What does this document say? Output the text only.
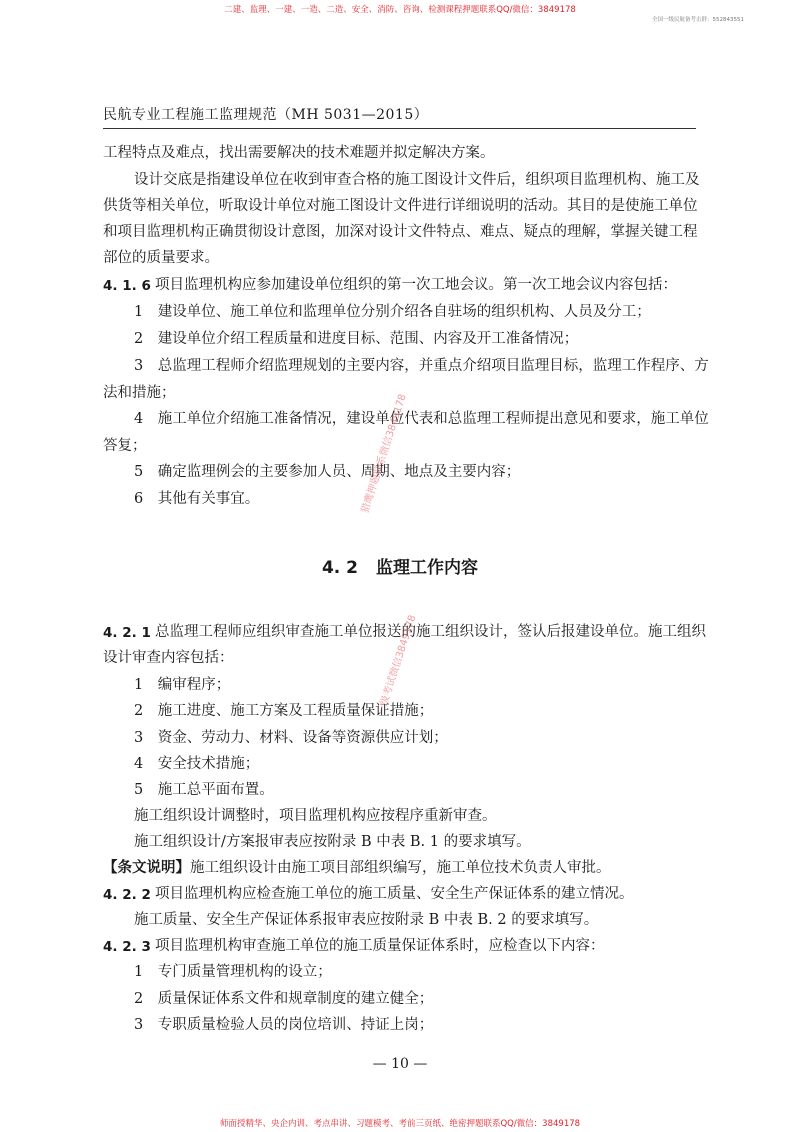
二建、监理、一建、一造、二造、安全、消防、咨询、检测课程押题联系QQ/微信：3849178
全国一级民航备考击群：552843551
民航专业工程施工监理规范（MH 5031—2015）
工程特点及难点，找出需要解决的技术难题并拟定解决方案。
设计交底是指建设单位在收到审查合格的施工图设计文件后，组织项目监理机构、施工及
供货等相关单位，听取设计单位对施工图设计文件进行详细说明的活动。其目的是使施工单位
和项目监理机构正确贯彻设计意图，加深对设计文件特点、难点、疑点的理解，掌握关键工程
部位的质量要求。
4. 1. 6 项目监理机构应参加建设单位组织的第一次工地会议。第一次工地会议内容包括：
1　建设单位、施工单位和监理单位分别介绍各自驻场的组织机构、人员及分工；
2　建设单位介绍工程质量和进度目标、范围、内容及开工准备情况；
3　总监理工程师介绍监理规划的主要内容，并重点介绍项目监理目标，监理工作程序、方
法和措施；
4　施工单位介绍施工准备情况，建设单位代表和总监理工程师提出意见和要求，施工单位
答复；
5　确定监理例会的主要参加人员、周期、地点及主要内容；
6　其他有关事宜。
4. 2 监理工作内容
4. 2. 1 总监理工程师应组织审查施工单位报送的施工组织设计，签认后报建设单位。施工组织
设计审查内容包括：
1　编审程序；
2　施工进度、施工方案及工程质量保证措施；
3　资金、劳动力、材料、设备等资源供应计划；
4　安全技术措施；
5　施工总平面布置。
施工组织设计调整时，项目监理机构应按程序重新审查。
施工组织设计/方案报审表应按附录 B 中表 B. 1 的要求填写。
【条文说明】施工组织设计由施工项目部组织编写，施工单位技术负责人审批。
4. 2. 2 项目监理机构应检查施工单位的施工质量、安全生产保证体系的建立情况。
施工质量、安全生产保证体系报审表应按附录 B 中表 B. 2 的要求填写。
4. 2. 3 项目监理机构审查施工单位的施工质量保证体系时，应检查以下内容：
1　专门质量管理机构的设立；
2　质量保证体系文件和规章制度的建立健全；
3　专职质量检验人员的岗位培训、持证上岗；
— 10 —
猎鹰押题联系微信3849178
一级考试微信3849178
师面授精华、央企内训、考点串讲、习题模考、考前三页纸、绝密押题联系QQ/微信：3849178
